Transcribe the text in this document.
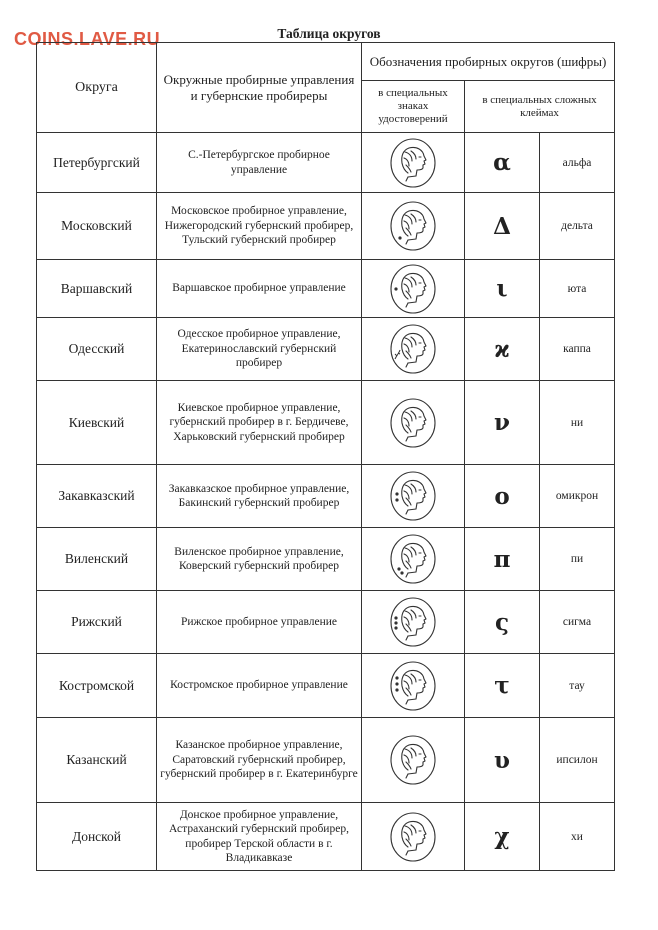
COINS.LAVE.RU	Таблица округов
Округа	Окружные пробирные управления и губернские пробиреры	Обозначения пробирных округов (шифры)		
		в специальных знаках удостоверений	в специальных сложных клеймах	
Петербургский	С.-Петербургское пробирное управление		α	альфа
Московский	Московское пробирное управление, Нижегородский губернский пробирер, Тульский губернский пробирер		Δ	дельта
Варшавский	Варшавское пробирное управление		ι	юта
Одесский	Одесское пробирное управление, Екатеринославский губернский пробирер		ϰ	каппа
Киевский	Киевское пробирное управление, губернский пробирер в г. Бердичеве, Харьковский губернский пробирер		ν	ни
Закавказский	Закавказское пробирное управление, Бакинский губернский пробирер		ο	омикрон
Виленский	Виленское пробирное управление, Коверский губернский пробирер		π	пи
Рижский	Рижское пробирное управление		ς	сигма
Костромской	Костромское пробирное управление		τ	тау
Казанский	Казанское пробирное управление, Саратовский губернский пробирер, губернский пробирер в г. Екатеринбурге		υ	ипсилон
Донской	Донское пробирное управление, Астраханский губернский пробирер, пробирер Терской области в г. Владикавказе		χ	хи
